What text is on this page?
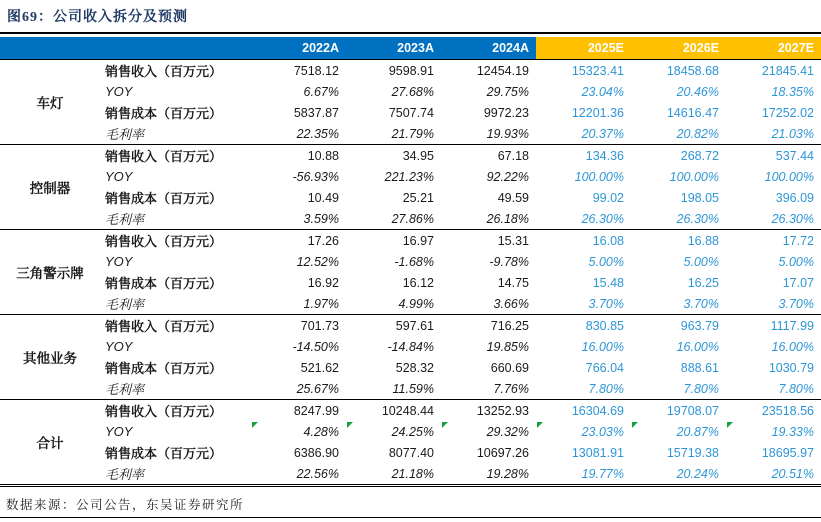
图69：公司收入拆分及预测
		2022A	2023A	2024A	2025E	2026E	2027E
车灯	销售收入（百万元）	7518.12	9598.91	12454.19	15323.41	18458.68	21845.41
	YOY	6.67%	27.68%	29.75%	23.04%	20.46%	18.35%
	销售成本（百万元）	5837.87	7507.74	9972.23	12201.36	14616.47	17252.02
	毛利率	22.35%	21.79%	19.93%	20.37%	20.82%	21.03%
控制器	销售收入（百万元）	10.88	34.95	67.18	134.36	268.72	537.44
	YOY	-56.93%	221.23%	92.22%	100.00%	100.00%	100.00%
	销售成本（百万元）	10.49	25.21	49.59	99.02	198.05	396.09
	毛利率	3.59%	27.86%	26.18%	26.30%	26.30%	26.30%
三角警示牌	销售收入（百万元）	17.26	16.97	15.31	16.08	16.88	17.72
	YOY	12.52%	-1.68%	-9.78%	5.00%	5.00%	5.00%
	销售成本（百万元）	16.92	16.12	14.75	15.48	16.25	17.07
	毛利率	1.97%	4.99%	3.66%	3.70%	3.70%	3.70%
其他业务	销售收入（百万元）	701.73	597.61	716.25	830.85	963.79	1117.99
	YOY	-14.50%	-14.84%	19.85%	16.00%	16.00%	16.00%
	销售成本（百万元）	521.62	528.32	660.69	766.04	888.61	1030.79
	毛利率	25.67%	11.59%	7.76%	7.80%	7.80%	7.80%
合计	销售收入（百万元）	8247.99	10248.44	13252.93	16304.69	19708.07	23518.56
	YOY	4.28%	24.25%	29.32%	23.03%	20.87%	19.33%
	销售成本（百万元）	6386.90	8077.40	10697.26	13081.91	15719.38	18695.97
	毛利率	22.56%	21.18%	19.28%	19.77%	20.24%	20.51%
数据来源：公司公告，东吴证券研究所
